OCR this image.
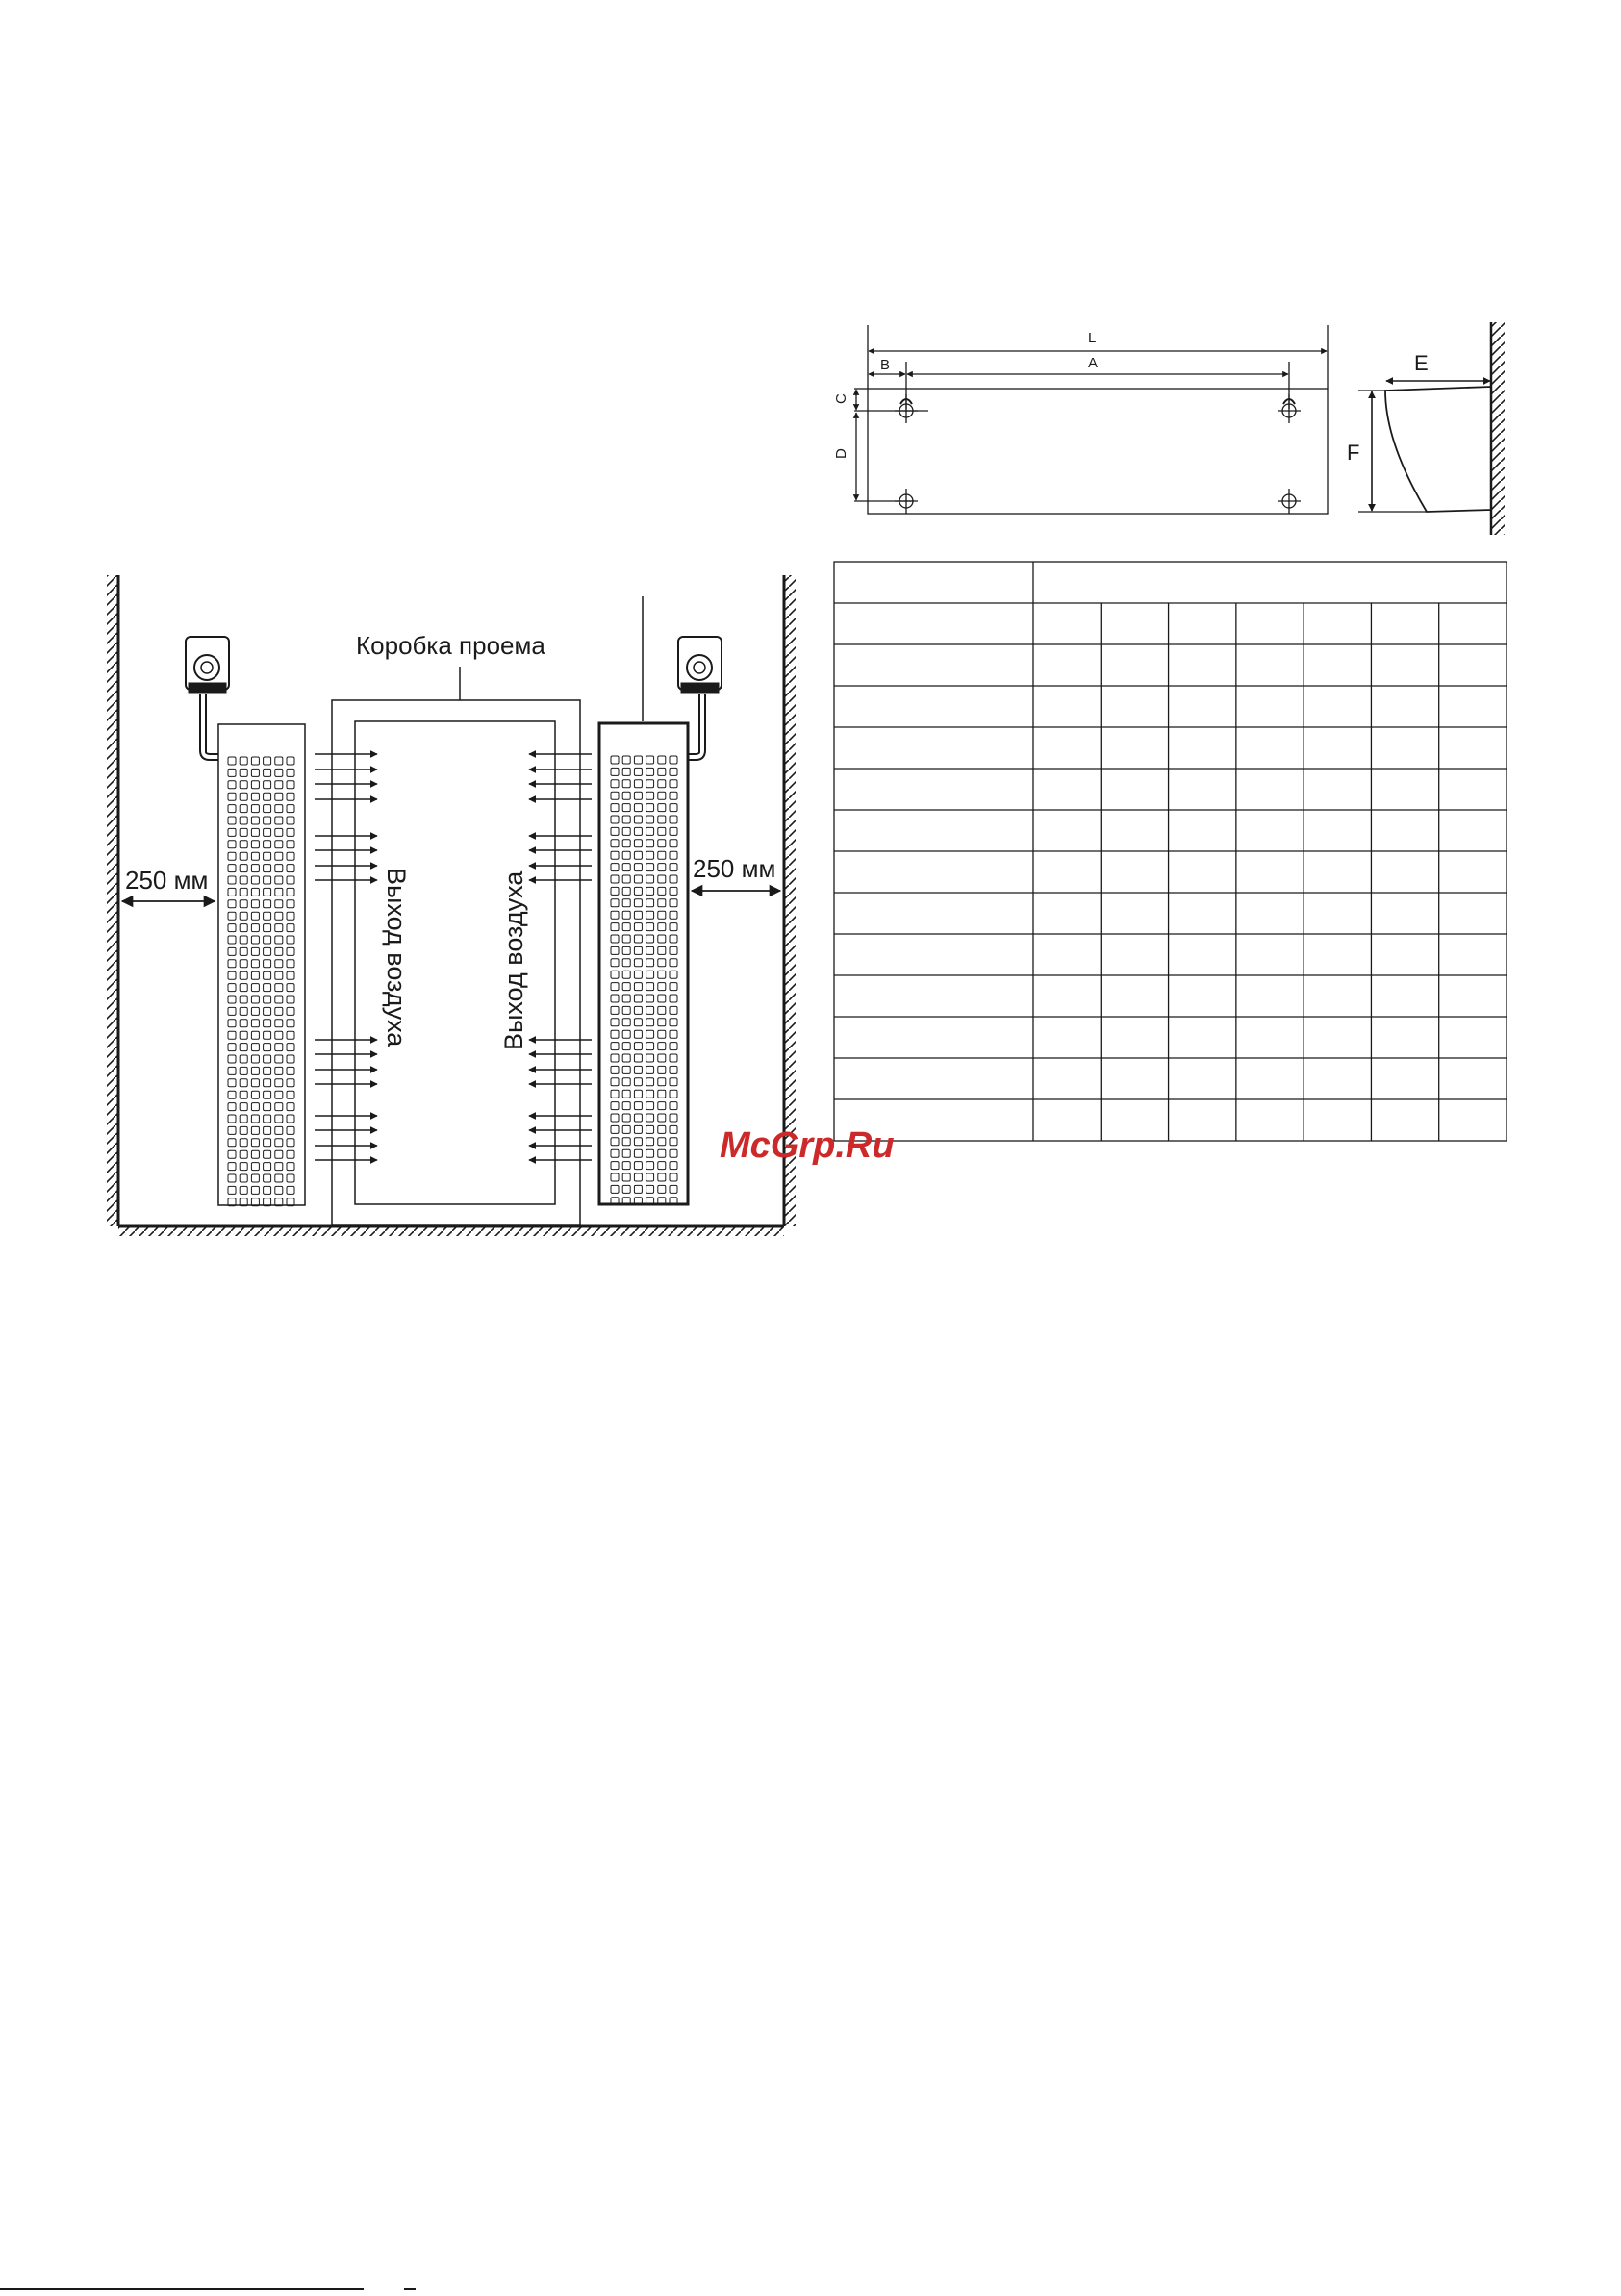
Коробка проема
250 мм	250 мм
Выход воздуха	Выход воздуха
L
A
B
C
D
E
F
McGrp.Ru
